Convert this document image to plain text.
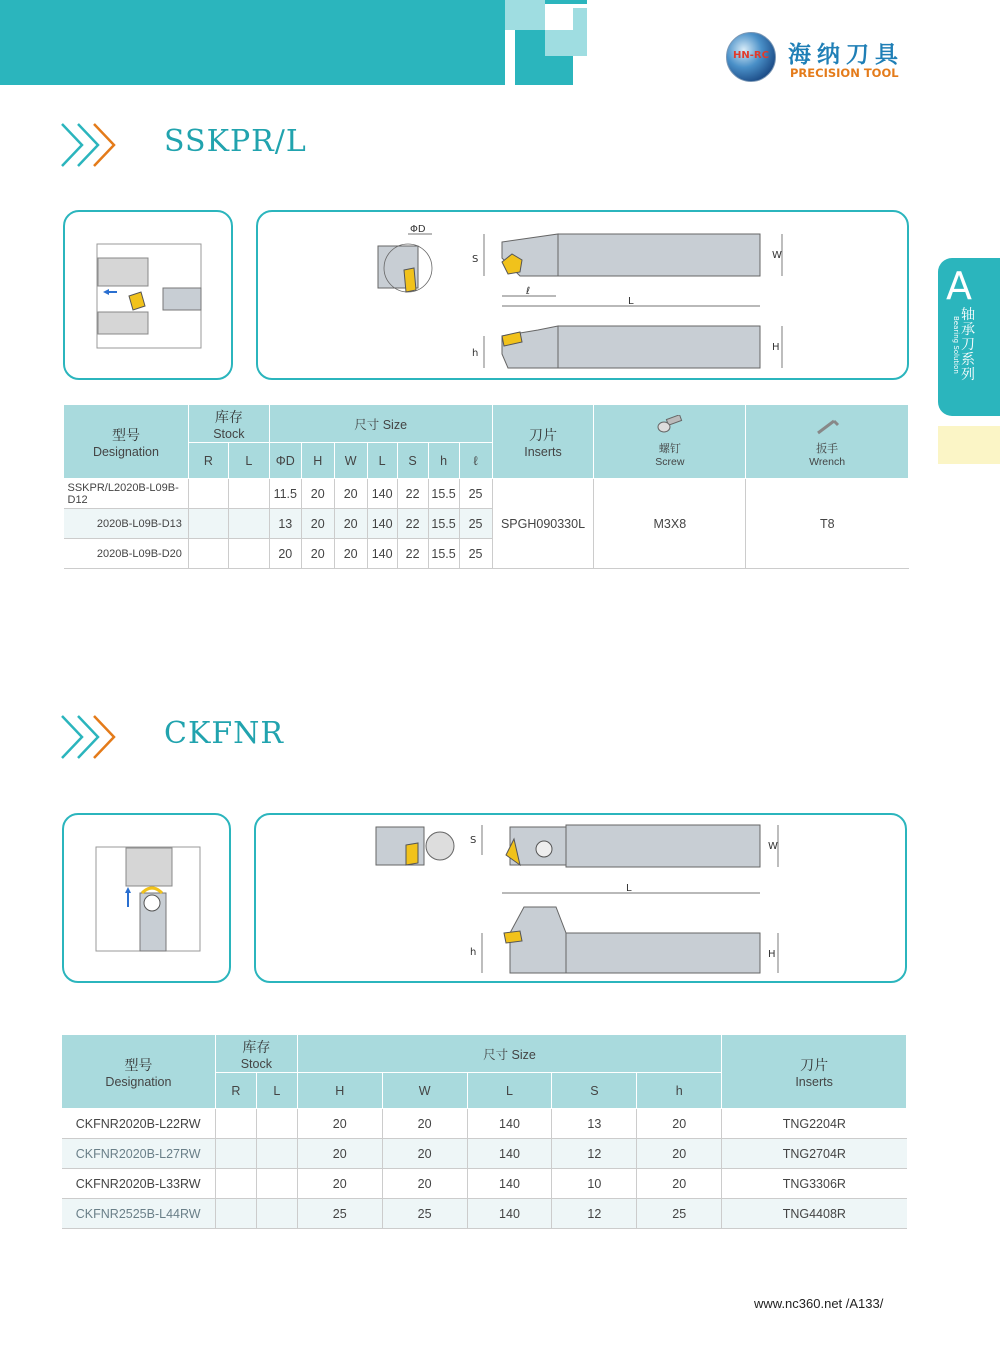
HN-RC 海纳刀具
PRECISION TOOL
A
轴承刀系列
Bearing Solution
SSKPR/L
ΦD
S	W
ℓ
L
h
H
型号
Designation	库存
Stock		尺寸 Size							刀片
Inserts	螺钉
Screw	扳手
Wrench

	R	L	ΦD	H	W	L	S	h	ℓ			
SSKPR/L2020B-L09B-D12			11.5	20	20	140	22	15.5	25	SPGH090330L	M3X8	T8
2020B-L09B-D13			13	20	20	140	22	15.5	25			
2020B-L09B-D20			20	20	20	140	22	15.5	25			
CKFNR
S
W
L
h	H
型号
Designation	库存
Stock		尺寸 Size					刀片
Inserts

	R	L	H	W	L	S	h	
CKFNR2020B-L22RW			20	20	140	13	20	TNG2204R
CKFNR2020B-L27RW			20	20	140	12	20	TNG2704R
CKFNR2020B-L33RW			20	20	140	10	20	TNG3306R
CKFNR2525B-L44RW			25	25	140	12	25	TNG4408R
www.nc360.net /A133/
